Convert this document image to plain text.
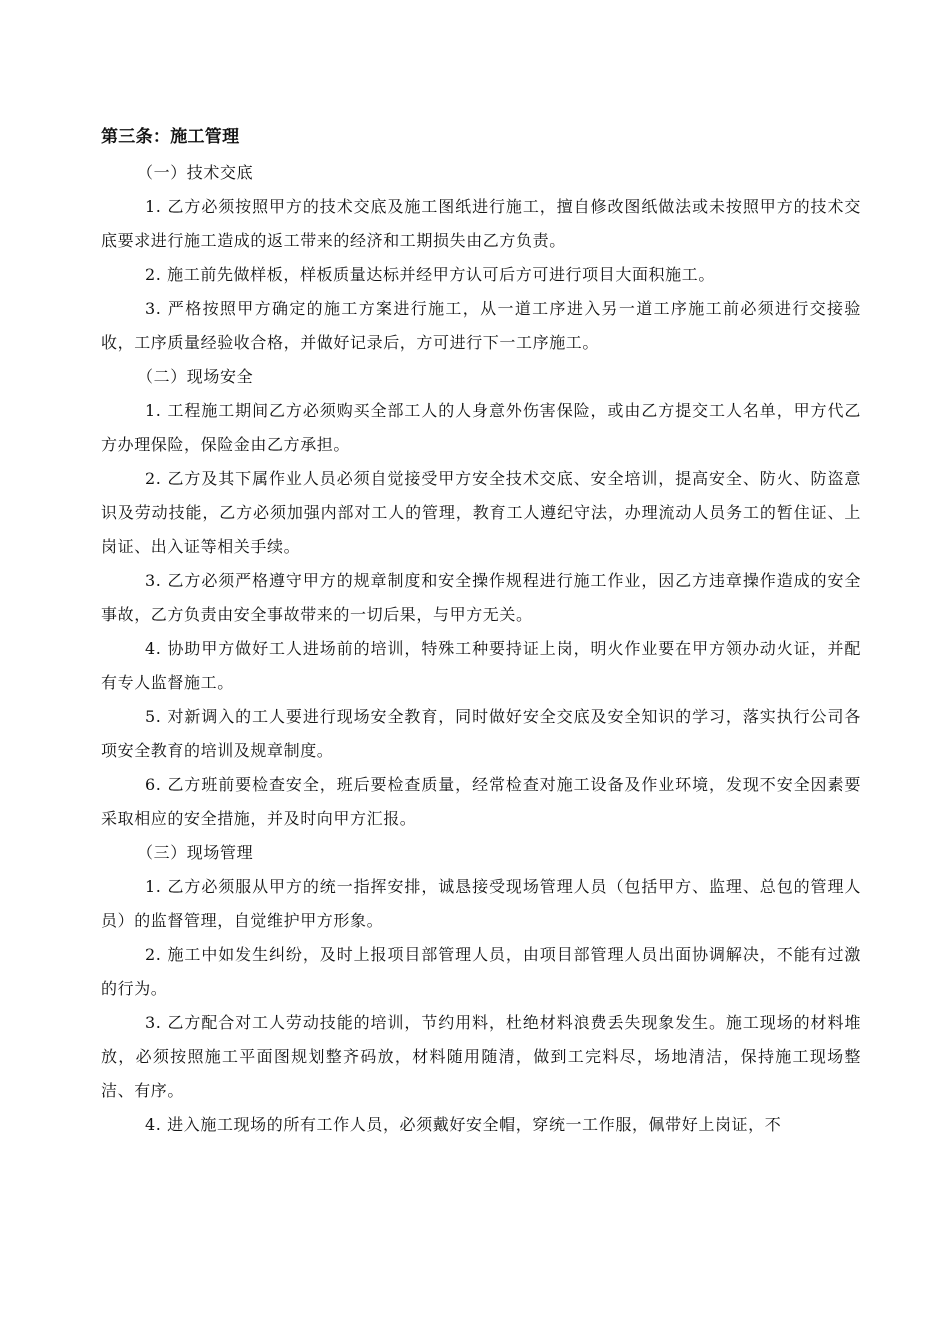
第三条：施工管理

（一）技术交底

1. 乙方必须按照甲方的技术交底及施工图纸进行施工，擅自修改图纸做法或未按照甲方的技术交底要求进行施工造成的返工带来的经济和工期损失由乙方负责。

2. 施工前先做样板，样板质量达标并经甲方认可后方可进行项目大面积施工。

3. 严格按照甲方确定的施工方案进行施工，从一道工序进入另一道工序施工前必须进行交接验收，工序质量经验收合格，并做好记录后，方可进行下一工序施工。

（二）现场安全

1. 工程施工期间乙方必须购买全部工人的人身意外伤害保险，或由乙方提交工人名单，甲方代乙方办理保险，保险金由乙方承担。

2. 乙方及其下属作业人员必须自觉接受甲方安全技术交底、安全培训，提高安全、防火、防盗意识及劳动技能，乙方必须加强内部对工人的管理，教育工人遵纪守法，办理流动人员务工的暂住证、上岗证、出入证等相关手续。

3. 乙方必须严格遵守甲方的规章制度和安全操作规程进行施工作业，因乙方违章操作造成的安全事故，乙方负责由安全事故带来的一切后果，与甲方无关。

4. 协助甲方做好工人进场前的培训，特殊工种要持证上岗，明火作业要在甲方领办动火证，并配有专人监督施工。

5. 对新调入的工人要进行现场安全教育，同时做好安全交底及安全知识的学习，落实执行公司各项安全教育的培训及规章制度。

6. 乙方班前要检查安全，班后要检查质量，经常检查对施工设备及作业环境，发现不安全因素要采取相应的安全措施，并及时向甲方汇报。

（三）现场管理

1. 乙方必须服从甲方的统一指挥安排，诚恳接受现场管理人员（包括甲方、监理、总包的管理人员）的监督管理，自觉维护甲方形象。

2. 施工中如发生纠纷，及时上报项目部管理人员，由项目部管理人员出面协调解决，不能有过激的行为。

3. 乙方配合对工人劳动技能的培训，节约用料，杜绝材料浪费丢失现象发生。施工现场的材料堆放，必须按照施工平面图规划整齐码放，材料随用随清，做到工完料尽，场地清洁，保持施工现场整洁、有序。

4. 进入施工现场的所有工作人员，必须戴好安全帽，穿统一工作服，佩带好上岗证，不
